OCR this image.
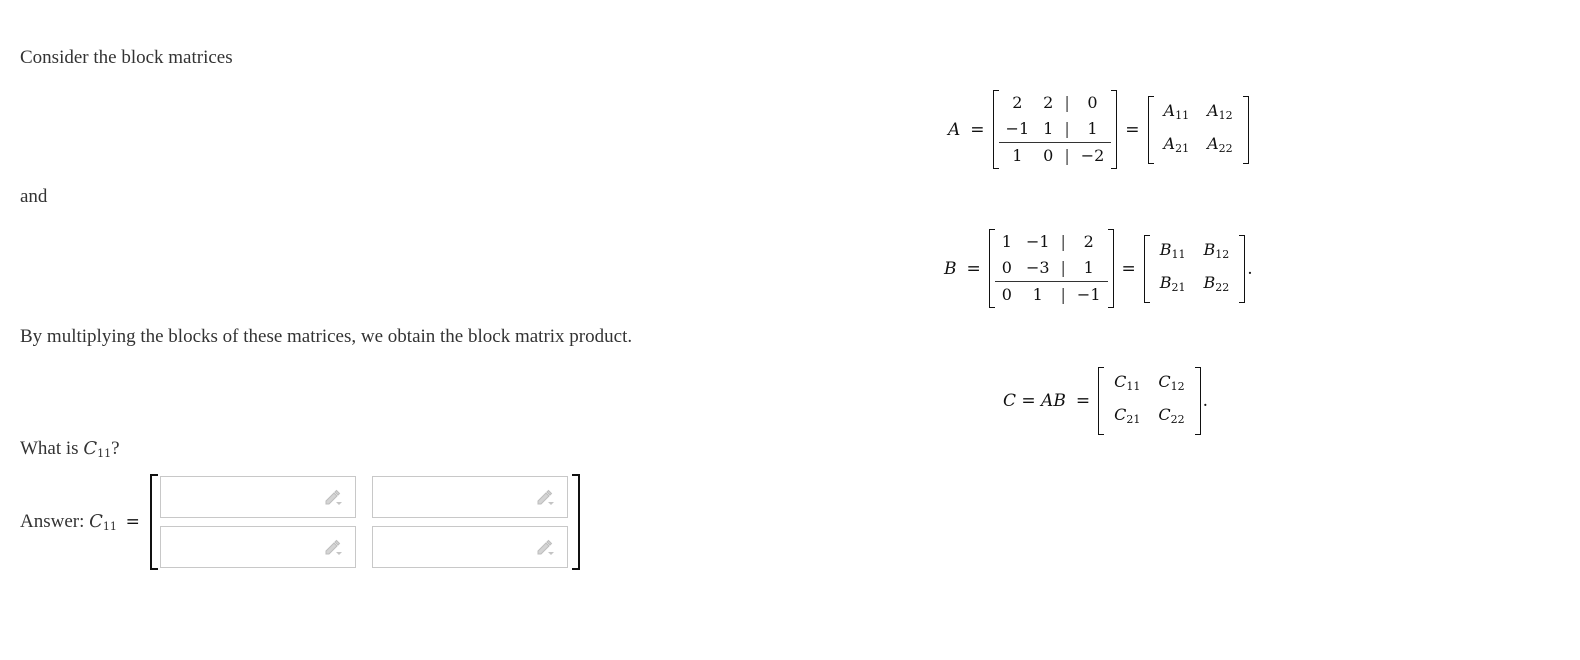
Consider the block matrices
A =
2	2	|	0
−1	1	|	1
1	0	|	−2
=
$A_{11}$	$A_{12}$
$A_{21}$	$A_{22}$
and
B =
1	−1	|	2
0	−3	|	1
0	1	|	−1
=
$B_{11}$	$B_{12}$
$B_{21}$	$B_{22}$
.
By multiplying the blocks of these matrices, we obtain the block matrix product.
C = AB =
$C_{11}$	$C_{12}$
$C_{21}$	$C_{22}$
.
What is $C_{11}$?
Answer: $C_{11}$ =
